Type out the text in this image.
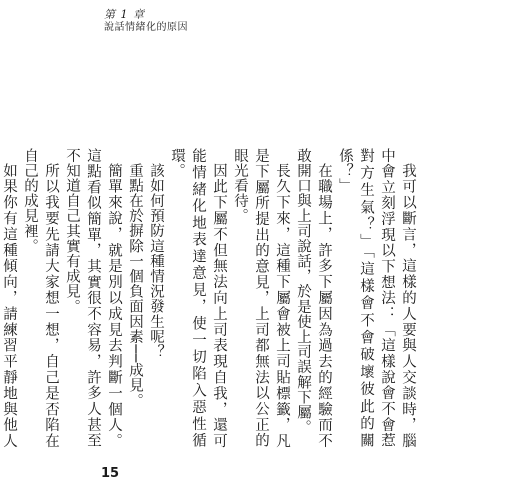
第 1 章
說話情緒化的原因

我可以斷言，這樣的人要與人交談時，腦中會立刻浮現以下想法：「這樣說會不會惹對方生氣？」「這樣會不會破壞彼此的關係？」

在職場上，許多下屬因為過去的經驗而不敢開口與上司說話，於是使上司誤解下屬。

長久下來，這種下屬會被上司貼標籤，凡是下屬所提出的意見，上司都無法以公正的眼光看待。

因此下屬不但無法向上司表現自我，還可能情緒化地表達意見，使一切陷入惡性循環。

該如何預防這種情況發生呢？

重點在於摒除一個負面因素──成見。

簡單來說，就是別以成見去判斷一個人。這點看似簡單，其實很不容易，許多人甚至不知道自己其實有成見。

所以我要先請大家想一想，自己是否陷在自己的成見裡。

如果你有這種傾向，請練習平靜地與他人

15
